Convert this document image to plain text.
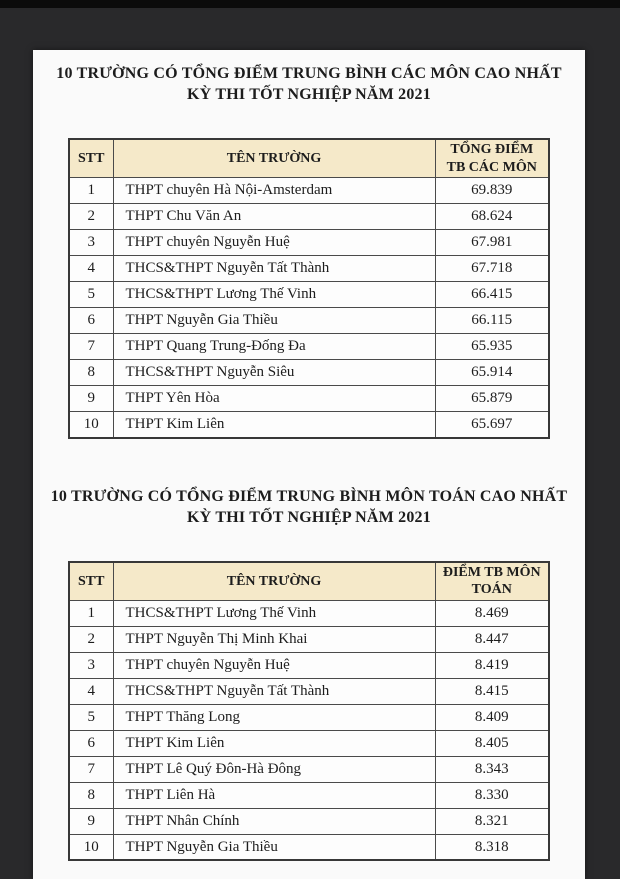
10 TRƯỜNG CÓ TỔNG ĐIỂM TRUNG BÌNH CÁC MÔN CAO NHẤT
KỲ THI TỐT NGHIỆP NĂM 2021
STT	TÊN TRƯỜNG	TỔNG ĐIỂM TB CÁC MÔN
1	THPT chuyên Hà Nội-Amsterdam	69.839
2	THPT Chu Văn An	68.624
3	THPT chuyên Nguyễn Huệ	67.981
4	THCS&THPT Nguyễn Tất Thành	67.718
5	THCS&THPT Lương Thế Vinh	66.415
6	THPT Nguyễn Gia Thiều	66.115
7	THPT Quang Trung-Đống Đa	65.935
8	THCS&THPT Nguyễn Siêu	65.914
9	THPT Yên Hòa	65.879
10	THPT Kim Liên	65.697
10 TRƯỜNG CÓ TỔNG ĐIỂM TRUNG BÌNH MÔN TOÁN CAO NHẤT
KỲ THI TỐT NGHIỆP NĂM 2021
STT	TÊN TRƯỜNG	ĐIỂM TB MÔN TOÁN
1	THCS&THPT Lương Thế Vinh	8.469
2	THPT Nguyễn Thị Minh Khai	8.447
3	THPT chuyên Nguyễn Huệ	8.419
4	THCS&THPT Nguyễn Tất Thành	8.415
5	THPT Thăng Long	8.409
6	THPT Kim Liên	8.405
7	THPT Lê Quý Đôn-Hà Đông	8.343
8	THPT Liên Hà	8.330
9	THPT Nhân Chính	8.321
10	THPT Nguyễn Gia Thiều	8.318
